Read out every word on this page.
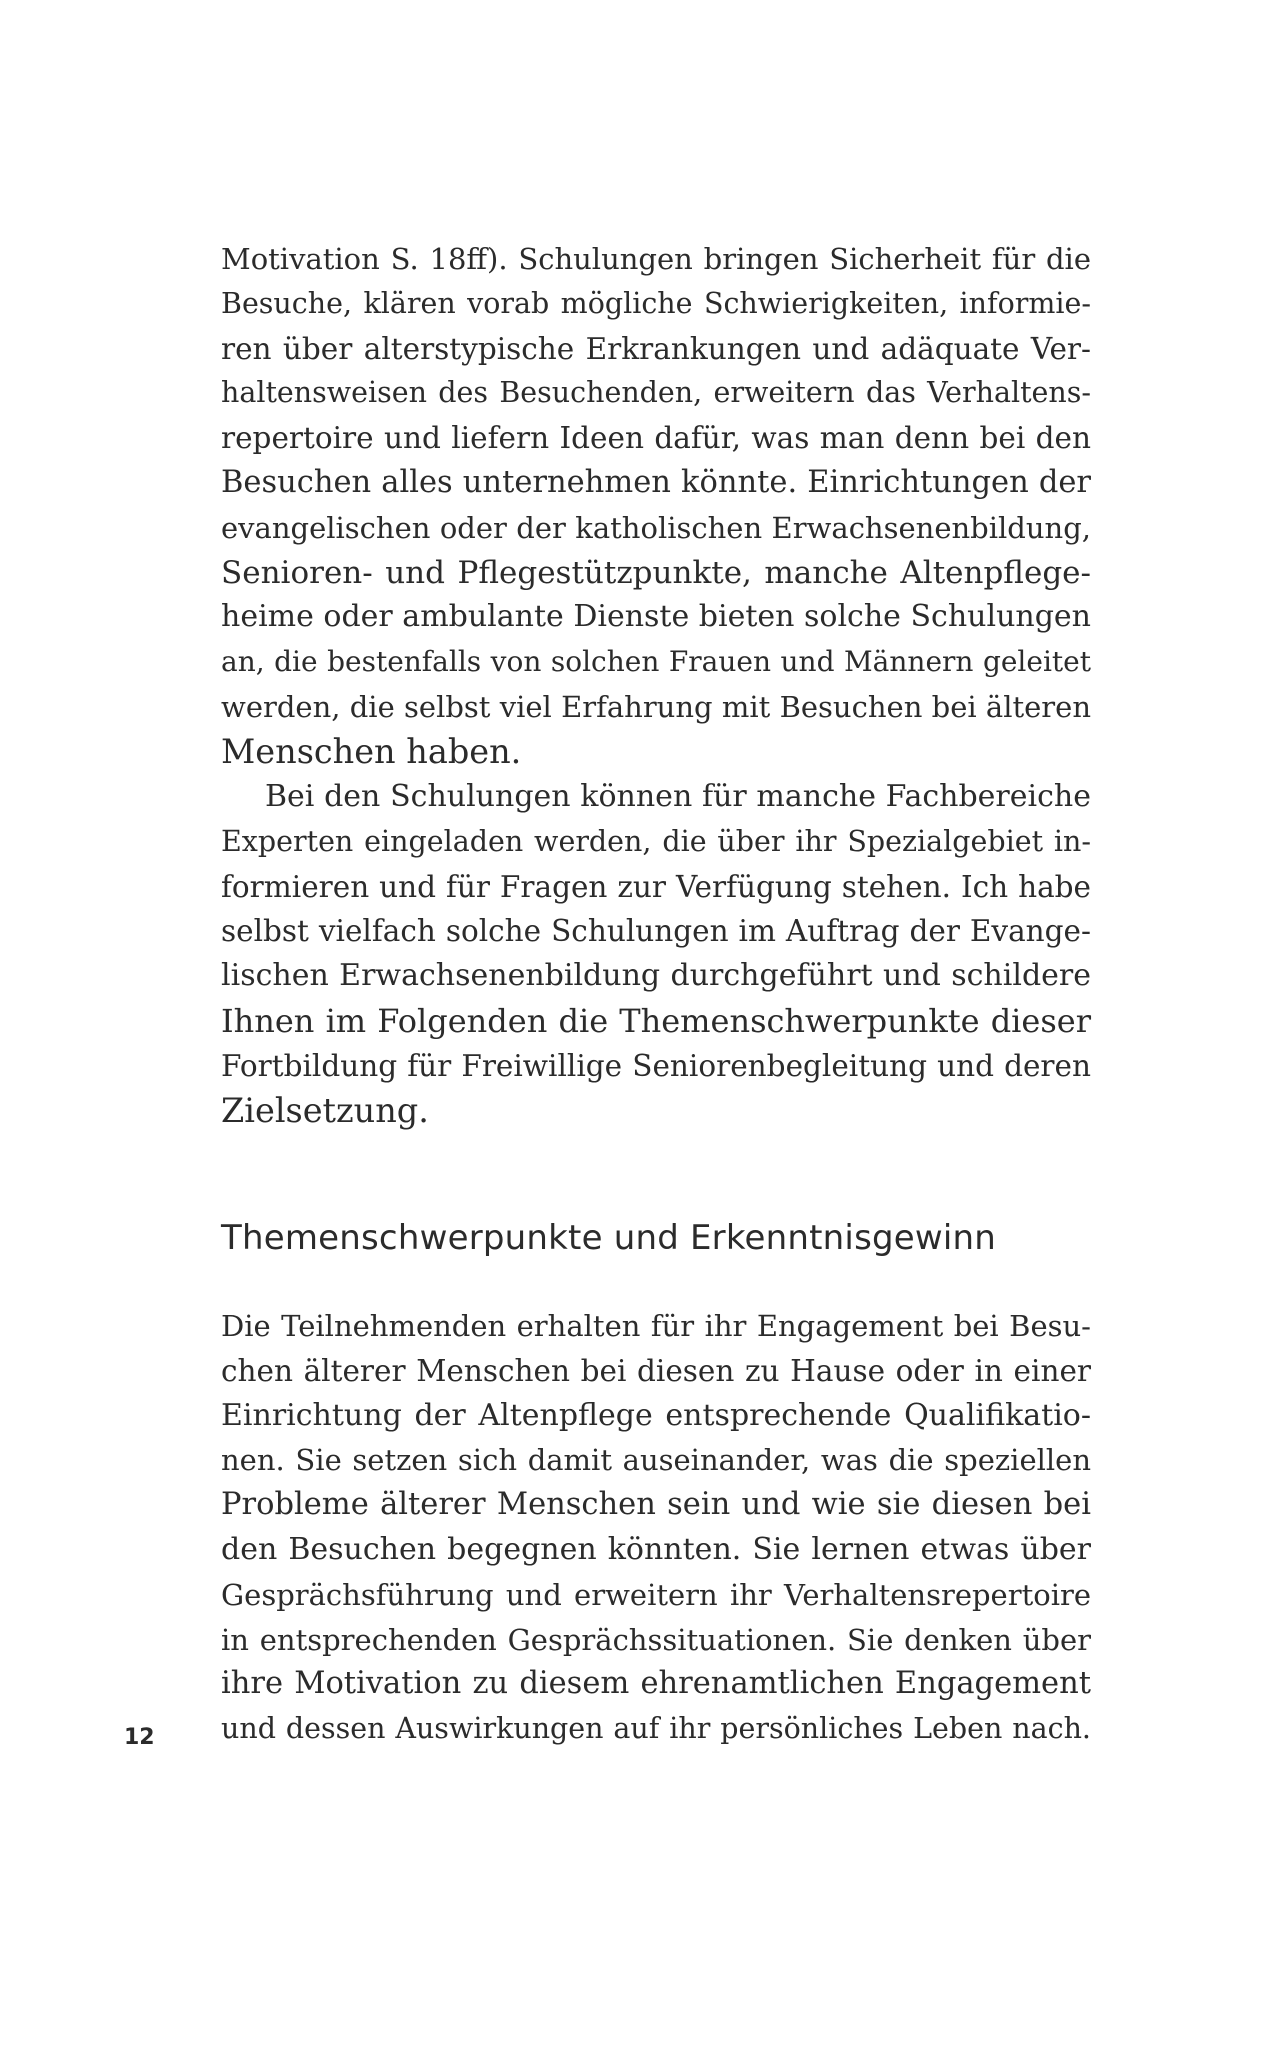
Motivation S. 18ff). Schulungen bringen Sicherheit für die
Besuche, klären vorab mögliche Schwierigkeiten, informie-
ren über alterstypische Erkrankungen und adäquate Ver-
haltensweisen des Besuchenden, erweitern das Verhaltens-
repertoire und liefern Ideen dafür, was man denn bei den
Besuchen alles unternehmen könnte. Einrichtungen der
evangelischen oder der katholischen Erwachsenenbildung,
Senioren- und Pflegestützpunkte, manche Altenpflege-
heime oder ambulante Dienste bieten solche Schulungen
an, die bestenfalls von solchen Frauen und Männern geleitet
werden, die selbst viel Erfahrung mit Besuchen bei älteren
Menschen haben.
Bei den Schulungen können für manche Fachbereiche
Experten eingeladen werden, die über ihr Spezialgebiet in-
formieren und für Fragen zur Verfügung stehen. Ich habe
selbst vielfach solche Schulungen im Auftrag der Evange-
lischen Erwachsenenbildung durchgeführt und schildere
Ihnen im Folgenden die Themenschwerpunkte dieser
Fortbildung für Freiwillige Seniorenbegleitung und deren
Zielsetzung.
Themenschwerpunkte und Erkenntnisgewinn
Die Teilnehmenden erhalten für ihr Engagement bei Besu-
chen älterer Menschen bei diesen zu Hause oder in einer
Einrichtung der Altenpflege entsprechende Qualifikatio-
nen. Sie setzen sich damit auseinander, was die speziellen
Probleme älterer Menschen sein und wie sie diesen bei
den Besuchen begegnen könnten. Sie lernen etwas über
Gesprächsführung und erweitern ihr Verhaltensrepertoire
in entsprechenden Gesprächssituationen. Sie denken über
ihre Motivation zu diesem ehrenamtlichen Engagement
und dessen Auswirkungen auf ihr persönliches Leben nach.
12
